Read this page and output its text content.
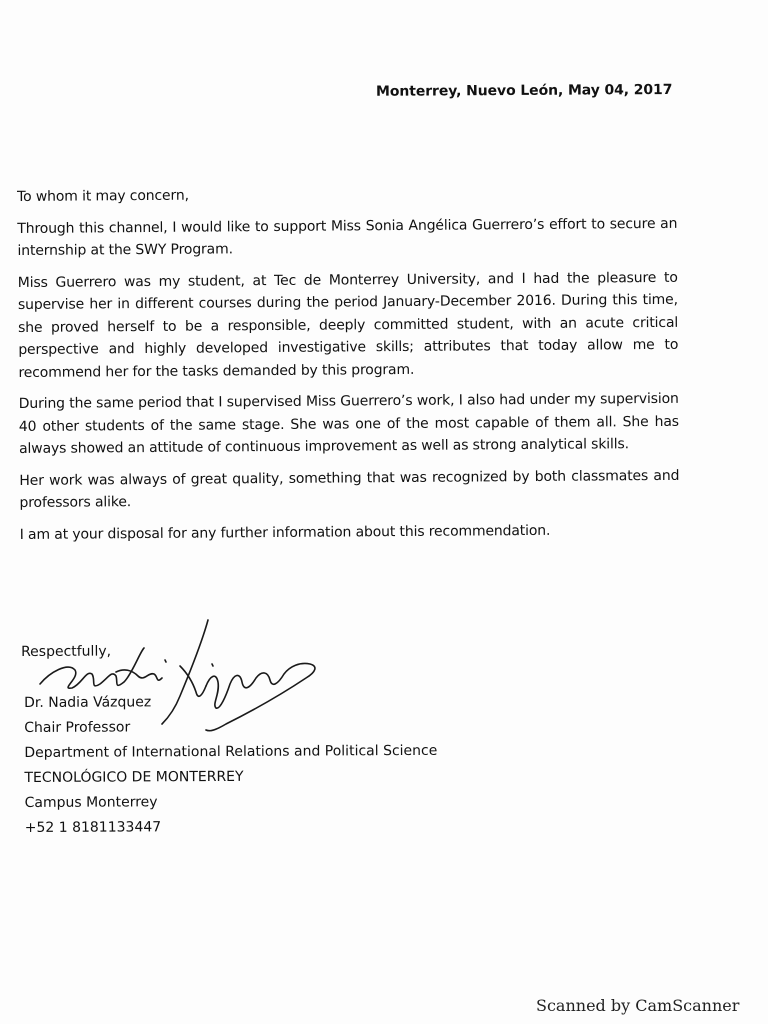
Monterrey, Nuevo León, May 04, 2017

To whom it may concern,

Through this channel, I would like to support Miss Sonia Angélica Guerrero’s effort to secure an internship at the SWY Program.

Miss Guerrero was my student, at Tec de Monterrey University, and I had the pleasure to supervise her in different courses during the period January-December 2016. During this time, she proved herself to be a responsible, deeply committed student, with an acute critical perspective and highly developed investigative skills; attributes that today allow me to recommend her for the tasks demanded by this program.

During the same period that I supervised Miss Guerrero’s work, I also had under my supervision 40 other students of the same stage. She was one of the most capable of them all. She has always showed an attitude of continuous improvement as well as strong analytical skills.

Her work was always of great quality, something that was recognized by both classmates and professors alike.

I am at your disposal for any further information about this recommendation.

Respectfully,
Dr. Nadia Vázquez
Chair Professor
Department of International Relations and Political Science
TECNOLÓGICO DE MONTERREY
Campus Monterrey
+52 1 8181133447
Scanned by CamScanner
